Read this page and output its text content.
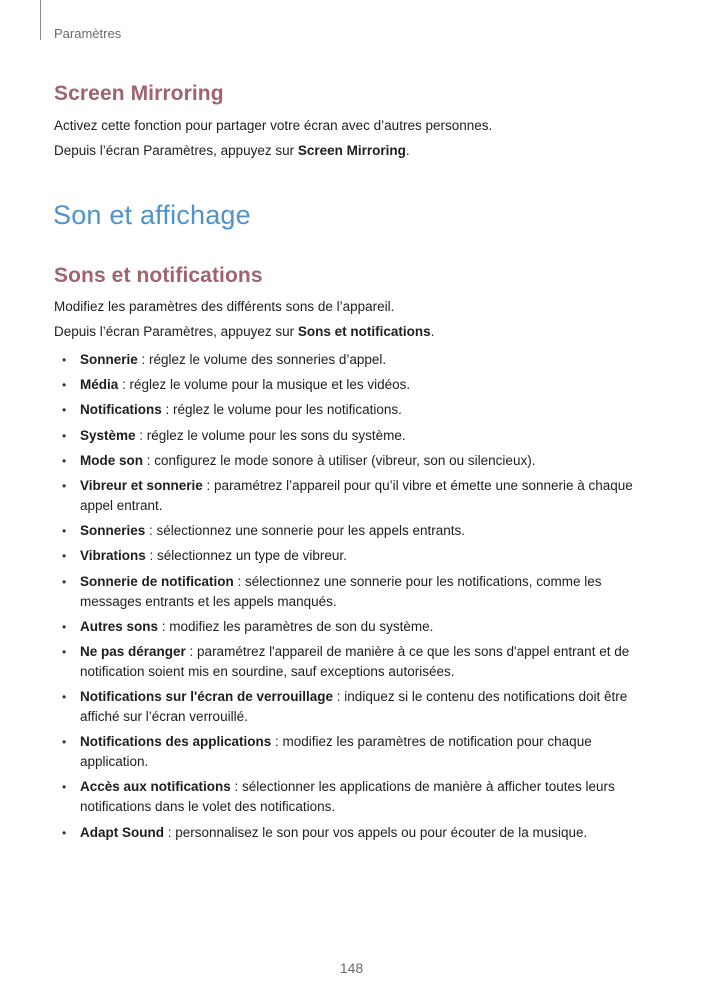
Paramètres
Screen Mirroring
Activez cette fonction pour partager votre écran avec d’autres personnes.
Depuis l’écran Paramètres, appuyez sur Screen Mirroring.
Son et affichage
Sons et notifications
Modifiez les paramètres des différents sons de l’appareil.
Depuis l’écran Paramètres, appuyez sur Sons et notifications.
• Sonnerie : réglez le volume des sonneries d’appel.
• Média : réglez le volume pour la musique et les vidéos.
• Notifications : réglez le volume pour les notifications.
• Système : réglez le volume pour les sons du système.
• Mode son : configurez le mode sonore à utiliser (vibreur, son ou silencieux).
• Vibreur et sonnerie : paramétrez l’appareil pour qu’il vibre et émette une sonnerie à chaque appel entrant.
• Sonneries : sélectionnez une sonnerie pour les appels entrants.
• Vibrations : sélectionnez un type de vibreur.
• Sonnerie de notification : sélectionnez une sonnerie pour les notifications, comme les messages entrants et les appels manqués.
• Autres sons : modifiez les paramètres de son du système.
• Ne pas déranger : paramétrez l'appareil de manière à ce que les sons d'appel entrant et de notification soient mis en sourdine, sauf exceptions autorisées.
• Notifications sur l'écran de verrouillage : indiquez si le contenu des notifications doit être affiché sur l’écran verrouillé.
• Notifications des applications : modifiez les paramètres de notification pour chaque application.
• Accès aux notifications : sélectionner les applications de manière à afficher toutes leurs notifications dans le volet des notifications.
• Adapt Sound : personnalisez le son pour vos appels ou pour écouter de la musique.
148
